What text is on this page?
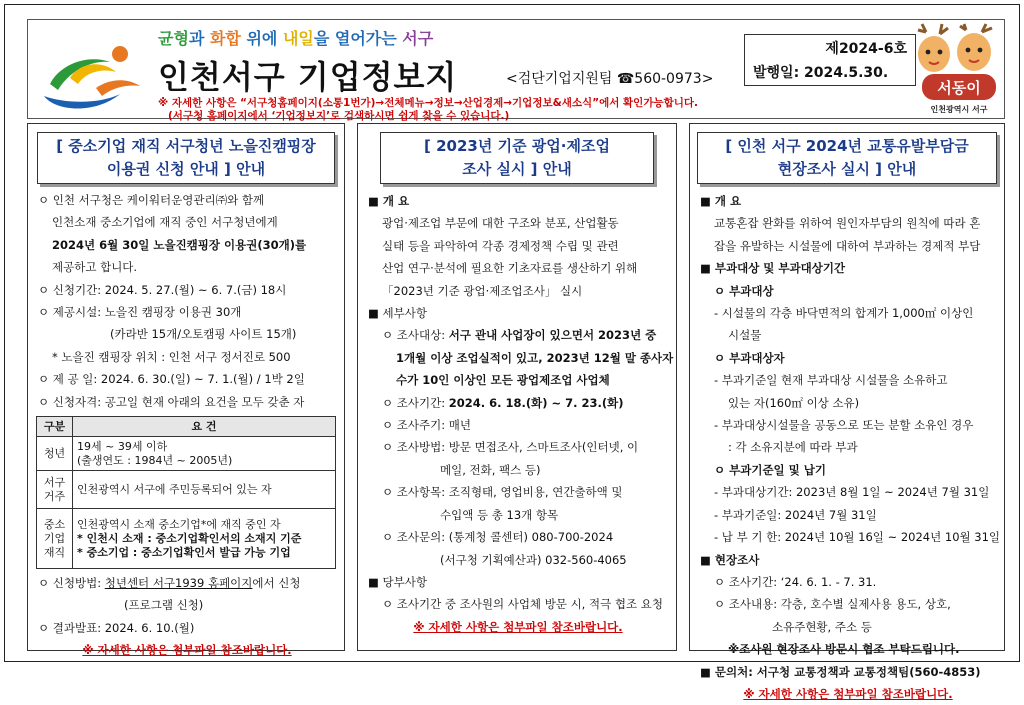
균형과 화합 위에 내일을 열어가는 서구
인천서구 기업정보지	<검단기업지원팀 ☎560-0973>
※ 자세한 사항은 “서구청홈페이지(소통1번가)→전체메뉴→정보→산업경제→기업정보&새소식”에서 확인가능합니다.
(서구청 홈페이지에서 ‘기업정보지’로 검색하시면 쉽게 찾을 수 있습니다.)
제2024-6호
발행일: 2024.5.30.
서동이
인천광역시 서구
[ 중소기업 재직 서구청년 노을진캠핑장
이용권 신청 안내 ] 안내
ㅇ 인천 서구청은 케이워터운영관리㈜와 함께
인천소재 중소기업에 재직 중인 서구청년에게
2024년 6월 30일 노을진캠핑장 이용권(30개)를
제공하고 합니다.
ㅇ 신청기간: 2024. 5. 27.(월) ~ 6. 7.(금) 18시
ㅇ 제공시설: 노을진 캠핑장 이용권 30개
(카라반 15개/오토캠핑 사이트 15개)
* 노을진 캠핑장 위치 : 인천 서구 정서진로 500
ㅇ 제 공 일: 2024. 6. 30.(일) ~ 7. 1.(월) / 1박 2일
ㅇ 신청자격: 공고일 현재 아래의 요건을 모두 갖춘 자
구분	요 건
청년	19세 ~ 39세 이하
(출생연도 : 1984년 ~ 2005년)

서구 거주	인천광역시 서구에 주민등록되어 있는 자
중소 기업 재직	인천광역시 소재 중소기업*에 재직 중인 자
* 인천시 소재 : 중소기업확인서의 소재지 기준
* 중소기업 : 중소기업확인서 발급 가능 기업
ㅇ 신청방법: 청년센터 서구1939 홈페이지에서 신청
(프로그램 신청)
ㅇ 결과발표: 2024. 6. 10.(월)
※ 자세한 사항은 첨부파일 참조바랍니다.
[ 2023년 기준 광업·제조업
조사 실시 ] 안내
■ 개 요
광업·제조업 부문에 대한 구조와 분포, 산업활동
실태 등을 파악하여 각종 경제정책 수립 및 관련
산업 연구·분석에 필요한 기초자료를 생산하기 위해
「2023년 기준 광업·제조업조사」 실시
■ 세부사항
ㅇ 조사대상: 서구 관내 사업장이 있으면서 2023년 중
1개월 이상 조업실적이 있고, 2023년 12월 말 종사자
수가 10인 이상인 모든 광업제조업 사업체
ㅇ 조사기간: 2024. 6. 18.(화) ~ 7. 23.(화)
ㅇ 조사주기: 매년
ㅇ 조사방법: 방문 면접조사, 스마트조사(인터넷, 이
메일, 전화, 팩스 등)
ㅇ 조사항목: 조직형태, 영업비용, 연간출하액 및
수입액 등 총 13개 항목
ㅇ 조사문의: (통계청 콜센터) 080-700-2024
(서구청 기획예산과) 032-560-4065
■ 당부사항
ㅇ 조사기간 중 조사원의 사업체 방문 시, 적극 협조 요청
※ 자세한 사항은 첨부파일 참조바랍니다.
[ 인천 서구 2024년 교통유발부담금
현장조사 실시 ] 안내
■ 개 요
교통혼잡 완화를 위하여 원인자부담의 원칙에 따라 혼
잡을 유발하는 시설물에 대하여 부과하는 경제적 부담
■ 부과대상 및 부과대상기간
ㅇ 부과대상
- 시설물의 각층 바닥면적의 합계가 1,000㎡ 이상인
시설물
ㅇ 부과대상자
- 부과기준일 현재 부과대상 시설물을 소유하고
있는 자(160㎡ 이상 소유)
- 부과대상시설물을 공동으로 또는 분할 소유인 경우
: 각 소유지분에 따라 부과
ㅇ 부과기준일 및 납기
- 부과대상기간: 2023년 8월 1일 ~ 2024년 7월 31일
- 부과기준일: 2024년 7월 31일
- 납 부 기 한: 2024년 10월 16일 ~ 2024년 10월 31일
■ 현장조사
ㅇ 조사기간: ‘24. 6. 1. - 7. 31.
ㅇ 조사내용: 각층, 호수별 실제사용 용도, 상호,
소유주현황, 주소 등
※조사원 현장조사 방문시 협조 부탁드립니다.
■ 문의처: 서구청 교통정책과 교통정책팀(560-4853)
※ 자세한 사항은 첨부파일 참조바랍니다.
